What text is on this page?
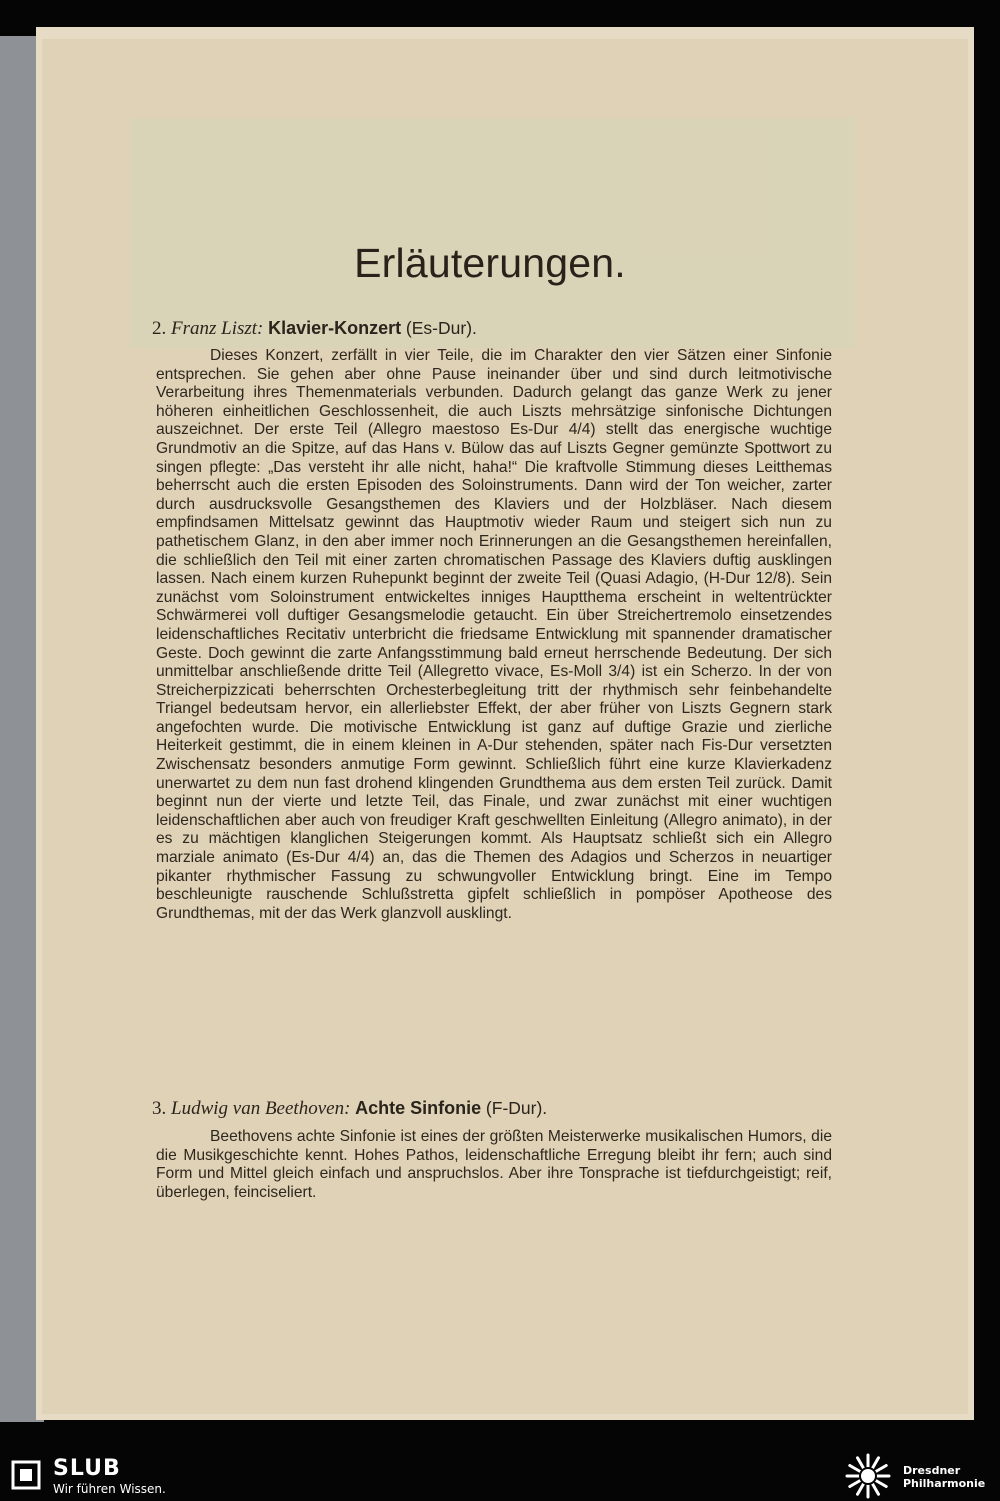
Erläuterungen.
2. Franz Liszt: Klavier-Konzert (Es-Dur).
Dieses Konzert, zerfällt in vier Teile, die im Charakter den vier Sätzen einer Sinfonie entsprechen. Sie gehen aber ohne Pause ineinander über und sind durch leitmotivische Verarbeitung ihres Themenmaterials verbunden. Dadurch gelangt das ganze Werk zu jener höheren einheitlichen Geschlossenheit, die auch Liszts mehrsätzige sinfonische Dichtungen auszeichnet. Der erste Teil (Allegro maestoso Es-Dur 4/4) stellt das energische wuchtige Grundmotiv an die Spitze, auf das Hans v. Bülow das auf Liszts Gegner gemünzte Spottwort zu singen pflegte: „Das versteht ihr alle nicht, haha!“ Die kraftvolle Stimmung dieses Leitthemas beherrscht auch die ersten Episoden des Soloinstruments. Dann wird der Ton weicher, zarter durch ausdrucksvolle Gesangsthemen des Klaviers und der Holzbläser. Nach diesem empfindsamen Mittelsatz gewinnt das Hauptmotiv wieder Raum und steigert sich nun zu pathetischem Glanz, in den aber immer noch Erinnerungen an die Gesangsthemen hereinfallen, die schließlich den Teil mit einer zarten chromatischen Passage des Klaviers duftig ausklingen lassen. Nach einem kurzen Ruhepunkt beginnt der zweite Teil (Quasi Adagio, (H-Dur 12/8). Sein zunächst vom Soloinstrument entwickeltes inniges Hauptthema erscheint in weltentrückter Schwärmerei voll duftiger Gesangsmelodie getaucht. Ein über Streichertremolo einsetzendes leidenschaftliches Recitativ unterbricht die friedsame Entwicklung mit spannender dramatischer Geste. Doch gewinnt die zarte Anfangsstimmung bald erneut herrschende Bedeutung. Der sich unmittelbar anschließende dritte Teil (Allegretto vivace, Es-Moll 3/4) ist ein Scherzo. In der von Streicherpizzicati beherrschten Orchesterbegleitung tritt der rhythmisch sehr feinbehandelte Triangel bedeutsam hervor, ein allerliebster Effekt, der aber früher von Liszts Gegnern stark angefochten wurde. Die motivische Entwicklung ist ganz auf duftige Grazie und zierliche Heiterkeit gestimmt, die in einem kleinen in A-Dur stehenden, später nach Fis-Dur versetzten Zwischensatz besonders anmutige Form gewinnt. Schließlich führt eine kurze Klavierkadenz unerwartet zu dem nun fast drohend klingenden Grundthema aus dem ersten Teil zurück. Damit beginnt nun der vierte und letzte Teil, das Finale, und zwar zunächst mit einer wuchtigen leidenschaftlichen aber auch von freudiger Kraft geschwellten Einleitung (Allegro animato), in der es zu mächtigen klanglichen Steigerungen kommt. Als Hauptsatz schließt sich ein Allegro marziale animato (Es-Dur 4/4) an, das die Themen des Adagios und Scherzos in neuartiger pikanter rhythmischer Fassung zu schwungvoller Entwicklung bringt. Eine im Tempo beschleunigte rauschende Schlußstretta gipfelt schließlich in pompöser Apotheose des Grundthemas, mit der das Werk glanzvoll ausklingt.
3. Ludwig van Beethoven: Achte Sinfonie (F-Dur).
Beethovens achte Sinfonie ist eines der größten Meisterwerke musikalischen Humors, die die Musikgeschichte kennt. Hohes Pathos, leidenschaftliche Erregung bleibt ihr fern; auch sind Form und Mittel gleich einfach und anspruchslos. Aber ihre Tonsprache ist tiefdurchgeistigt; reif, überlegen, feinciseliert.
SLUB
Wir führen Wissen.
Dresdner
Philharmonie
